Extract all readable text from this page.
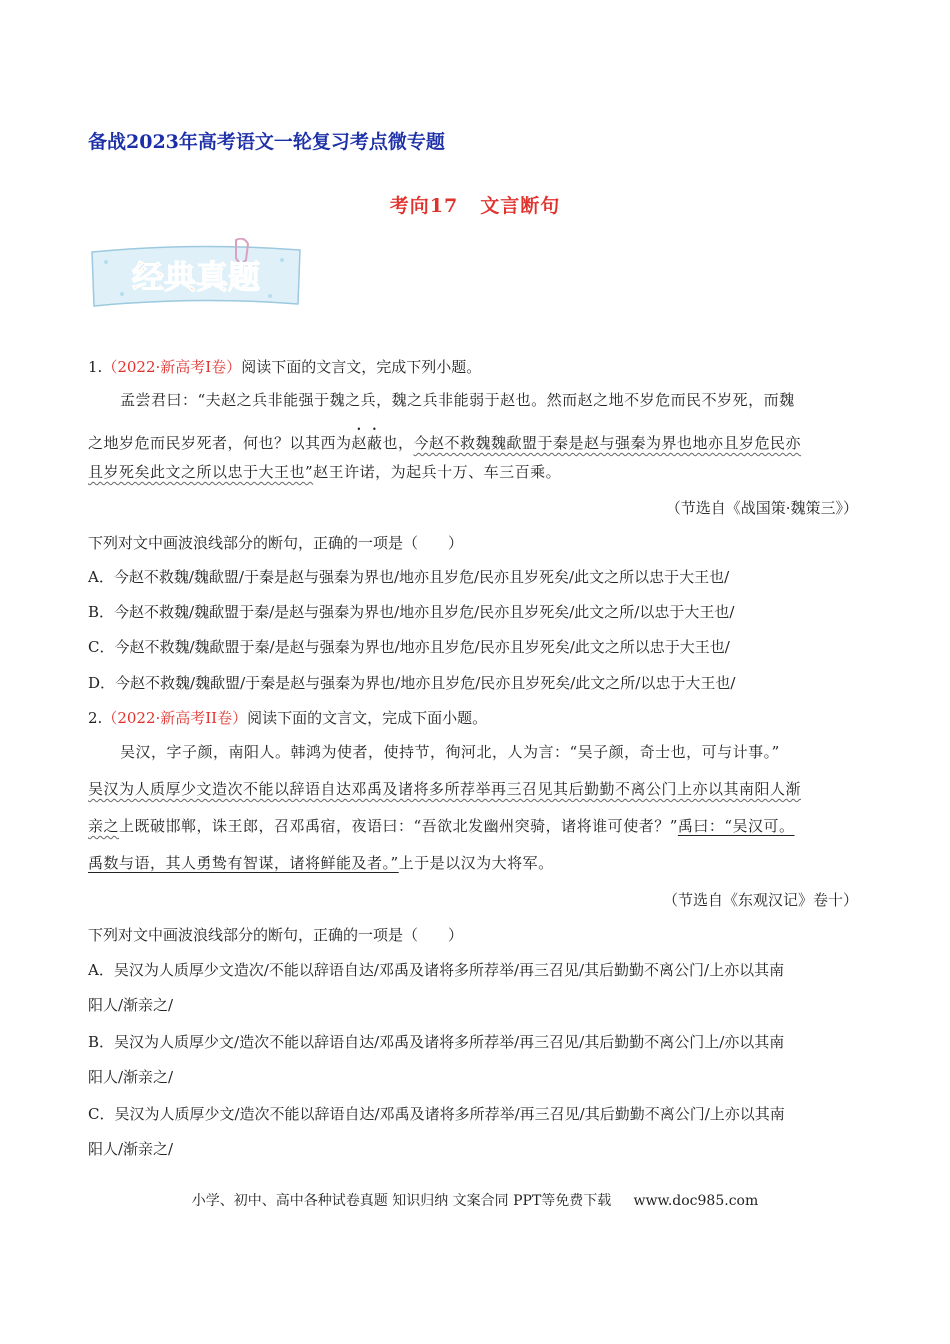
备战2023年高考语文一轮复习考点微专题
考向17 文言断句
经典真题
1.（2022·新高考I卷）阅读下面的文言文，完成下列小题。
孟尝君曰：“夫赵之兵非能强于魏之兵，魏之兵非能弱于赵也。然而赵之地不岁危而民不岁死，而魏
之地岁危而民岁死者，何也？以其西为赵蔽也，今赵不救魏魏歃盟于秦是赵与强秦为界也地亦且岁危民亦
且岁死矣此文之所以忠于大王也”赵王许诺，为起兵十万、车三百乘。
（节选自《战国策·魏策三》）
下列对文中画波浪线部分的断句，正确的一项是（　　）
A．今赵不救魏/魏歃盟/于秦是赵与强秦为界也/地亦且岁危/民亦且岁死矣/此文之所以忠于大王也/
B．今赵不救魏/魏歃盟于秦/是赵与强秦为界也/地亦且岁危/民亦且岁死矣/此文之所/以忠于大王也/
C．今赵不救魏/魏歃盟于秦/是赵与强秦为界也/地亦且岁危/民亦且岁死矣/此文之所以忠于大王也/
D．今赵不救魏/魏歃盟/于秦是赵与强秦为界也/地亦且岁危/民亦且岁死矣/此文之所/以忠于大王也/
2.（2022·新高考II卷）阅读下面的文言文，完成下面小题。
吴汉，字子颜，南阳人。韩鸿为使者，使持节，徇河北，人为言：“吴子颜，奇士也，可与计事。”
吴汉为人质厚少文造次不能以辞语自达邓禹及诸将多所荐举再三召见其后勤勤不离公门上亦以其南阳人渐
亲之上既破邯郸，诛王郎，召邓禹宿，夜语曰：“吾欲北发幽州突骑，诸将谁可使者？”禹曰：“吴汉可。
禹数与语，其人勇鸷有智谋，诸将鲜能及者。”上于是以汉为大将军。
（节选自《东观汉记》卷十）
下列对文中画波浪线部分的断句，正确的一项是（　　）
A．吴汉为人质厚少文造次/不能以辞语自达/邓禹及诸将多所荐举/再三召见/其后勤勤不离公门/上亦以其南
阳人/渐亲之/
B．吴汉为人质厚少文/造次不能以辞语自达/邓禹及诸将多所荐举/再三召见/其后勤勤不离公门上/亦以其南
阳人/渐亲之/
C．吴汉为人质厚少文/造次不能以辞语自达/邓禹及诸将多所荐举/再三召见/其后勤勤不离公门/上亦以其南
阳人/渐亲之/
小学、初中、高中各种试卷真题 知识归纳 文案合同 PPT等免费下载 www.doc985.com
